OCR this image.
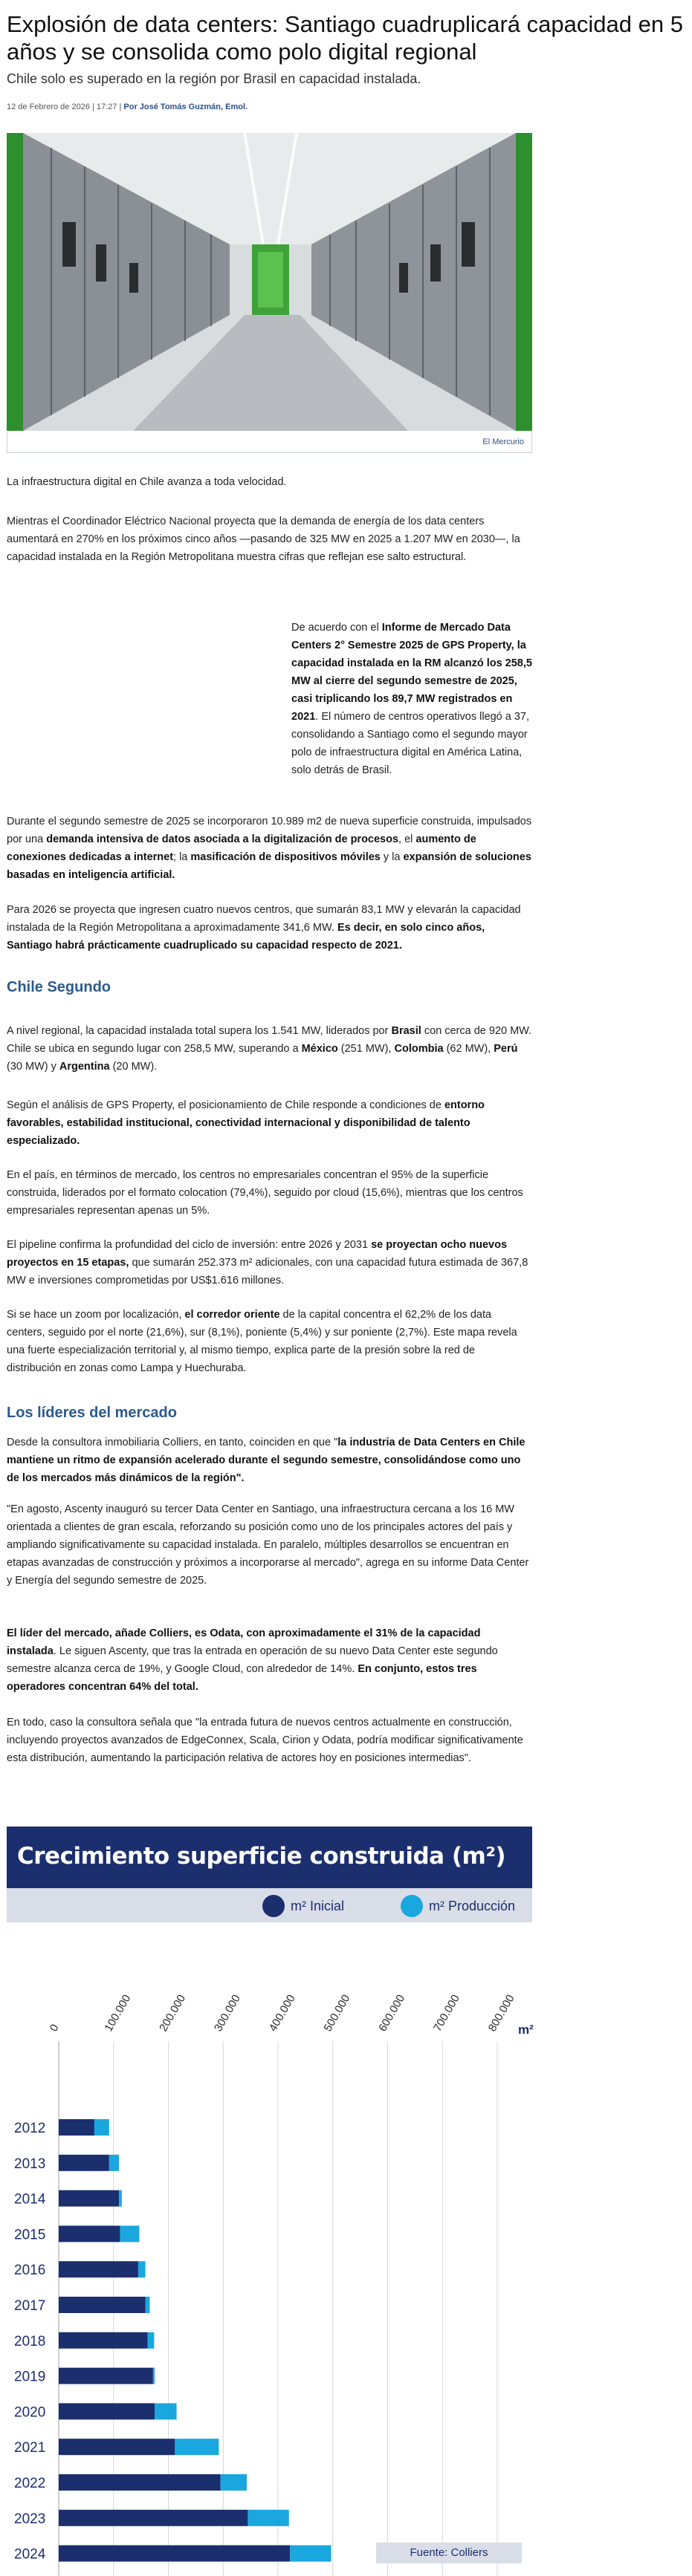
Explosión de data centers: Santiago cuadruplicará capacidad en 5 años y se consolida como polo digital regional
Chile solo es superado en la región por Brasil en capacidad instalada.
12 de Febrero de 2026 | 17:27 | Por José Tomás Guzmán, Emol.
El Mercurio

La infraestructura digital en Chile avanza a toda velocidad.

Mientras el Coordinador Eléctrico Nacional proyecta que la demanda de energía de los data centers aumentará en 270% en los próximos cinco años —pasando de 325 MW en 2025 a 1.207 MW en 2030—, la capacidad instalada en la Región Metropolitana muestra cifras que reflejan ese salto estructural.

De acuerdo con el Informe de Mercado Data Centers 2° Semestre 2025 de GPS Property, la capacidad instalada en la RM alcanzó los 258,5 MW al cierre del segundo semestre de 2025, casi triplicando los 89,7 MW registrados en 2021. El número de centros operativos llegó a 37, consolidando a Santiago como el segundo mayor polo de infraestructura digital en América Latina, solo detrás de Brasil.

Durante el segundo semestre de 2025 se incorporaron 10.989 m2 de nueva superficie construida, impulsados por una demanda intensiva de datos asociada a la digitalización de procesos, el aumento de conexiones dedicadas a internet; la masificación de dispositivos móviles y la expansión de soluciones basadas en inteligencia artificial.

Para 2026 se proyecta que ingresen cuatro nuevos centros, que sumarán 83,1 MW y elevarán la capacidad instalada de la Región Metropolitana a aproximadamente 341,6 MW. Es decir, en solo cinco años, Santiago habrá prácticamente cuadruplicado su capacidad respecto de 2021.

Chile Segundo

A nivel regional, la capacidad instalada total supera los 1.541 MW, liderados por Brasil con cerca de 920 MW. Chile se ubica en segundo lugar con 258,5 MW, superando a México (251 MW), Colombia (62 MW), Perú (30 MW) y Argentina (20 MW).

Según el análisis de GPS Property, el posicionamiento de Chile responde a condiciones de entorno favorables, estabilidad institucional, conectividad internacional y disponibilidad de talento especializado.

En el país, en términos de mercado, los centros no empresariales concentran el 95% de la superficie construida, liderados por el formato colocation (79,4%), seguido por cloud (15,6%), mientras que los centros empresariales representan apenas un 5%.

El pipeline confirma la profundidad del ciclo de inversión: entre 2026 y 2031 se proyectan ocho nuevos proyectos en 15 etapas, que sumarán 252.373 m² adicionales, con una capacidad futura estimada de 367,8 MW e inversiones comprometidas por US$1.616 millones.

Si se hace un zoom por localización, el corredor oriente de la capital concentra el 62,2% de los data centers, seguido por el norte (21,6%), sur (8,1%), poniente (5,4%) y sur poniente (2,7%). Este mapa revela una fuerte especialización territorial y, al mismo tiempo, explica parte de la presión sobre la red de distribución en zonas como Lampa y Huechuraba.

Los líderes del mercado

Desde la consultora inmobiliaria Colliers, en tanto, coinciden en que "la industria de Data Centers en Chile mantiene un ritmo de expansión acelerado durante el segundo semestre, consolidándose como uno de los mercados más dinámicos de la región".

"En agosto, Ascenty inauguró su tercer Data Center en Santiago, una infraestructura cercana a los 16 MW orientada a clientes de gran escala, reforzando su posición como uno de los principales actores del país y ampliando significativamente su capacidad instalada. En paralelo, múltiples desarrollos se encuentran en etapas avanzadas de construcción y próximos a incorporarse al mercado", agrega en su informe Data Center y Energía del segundo semestre de 2025.

El líder del mercado, añade Colliers, es Odata, con aproximadamente el 31% de la capacidad instalada. Le siguen Ascenty, que tras la entrada en operación de su nuevo Data Center este segundo semestre alcanza cerca de 19%, y Google Cloud, con alrededor de 14%. En conjunto, estos tres operadores concentran 64% del total.

En todo, caso la consultora señala que "la entrada futura de nuevos centros actualmente en construcción, incluyendo proyectos avanzados de EdgeConnex, Scala, Cirion y Odata, podría modificar significativamente esta distribución, aumentando la participación relativa de actores hoy en posiciones intermedias".

Crecimiento superficie construida (m²)
m² Inicial	m² Producción
0	100.000 200.000 300.000 400.000 500.000 600.000 700.000 800.000 m²
2012
2013
2014
2015
2016
2017
2018
2019
2020
2021
2022
2023
2024	Fuente: Colliers
